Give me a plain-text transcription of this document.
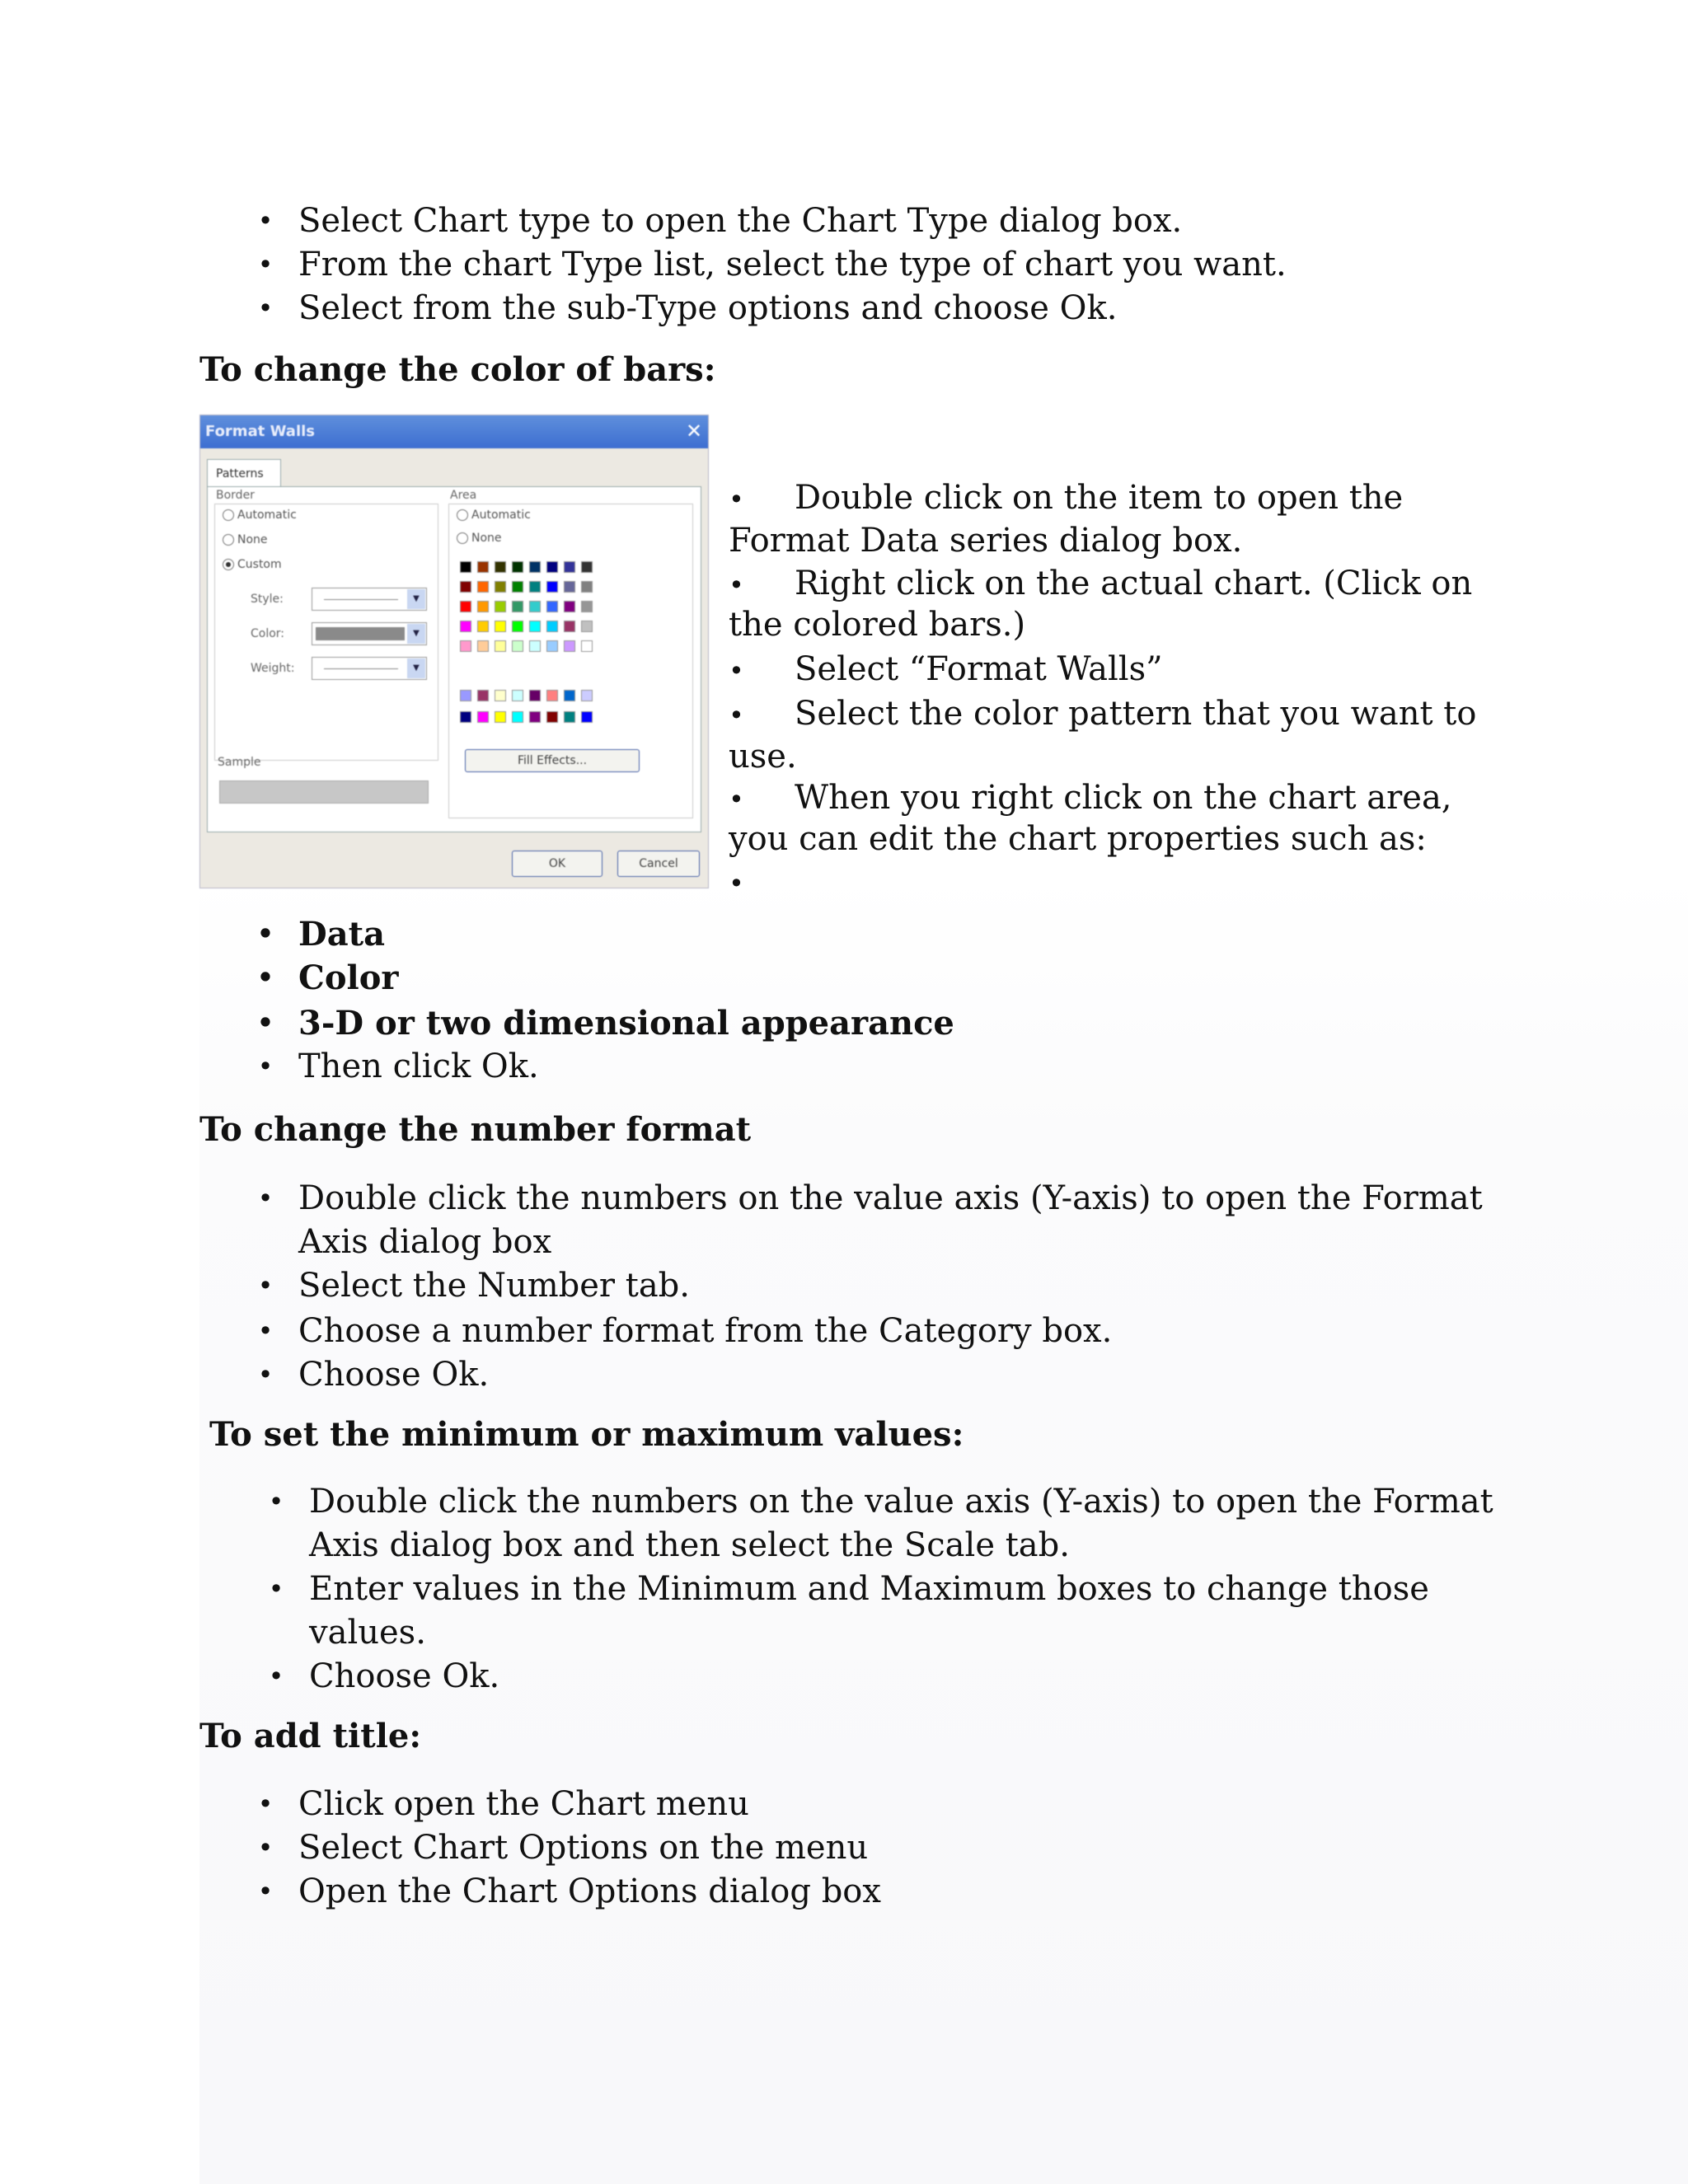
• Select Chart type to open the Chart Type dialog box.
• From the chart Type list, select the type of chart you want.
• Select from the sub-Type options and choose Ok.
To change the color of bars:
Format Walls	✕
Patterns
Border
Automatic
None
Custom
Style:	▼
Color:	▼
Weight:	▼
Sample
Area
Automatic
None
Fill Effects...
OK	Cancel
• Double click on the item to open the
Format Data series dialog box.
• Right click on the actual chart. (Click on
the colored bars.)
• Select “Format Walls”
• Select the color pattern that you want to
use.
• When you right click on the chart area,
you can edit the chart properties such as:
•
• Data
• Color
• 3-D or two dimensional appearance
• Then click Ok.
To change the number format
• Double click the numbers on the value axis (Y-axis) to open the Format
Axis dialog box
• Select the Number tab.
• Choose a number format from the Category box.
• Choose Ok.
To set the minimum or maximum values:
• Double click the numbers on the value axis (Y-axis) to open the Format
Axis dialog box and then select the Scale tab.
• Enter values in the Minimum and Maximum boxes to change those
values.
• Choose Ok.
To add title:
• Click open the Chart menu
• Select Chart Options on the menu
• Open the Chart Options dialog box
